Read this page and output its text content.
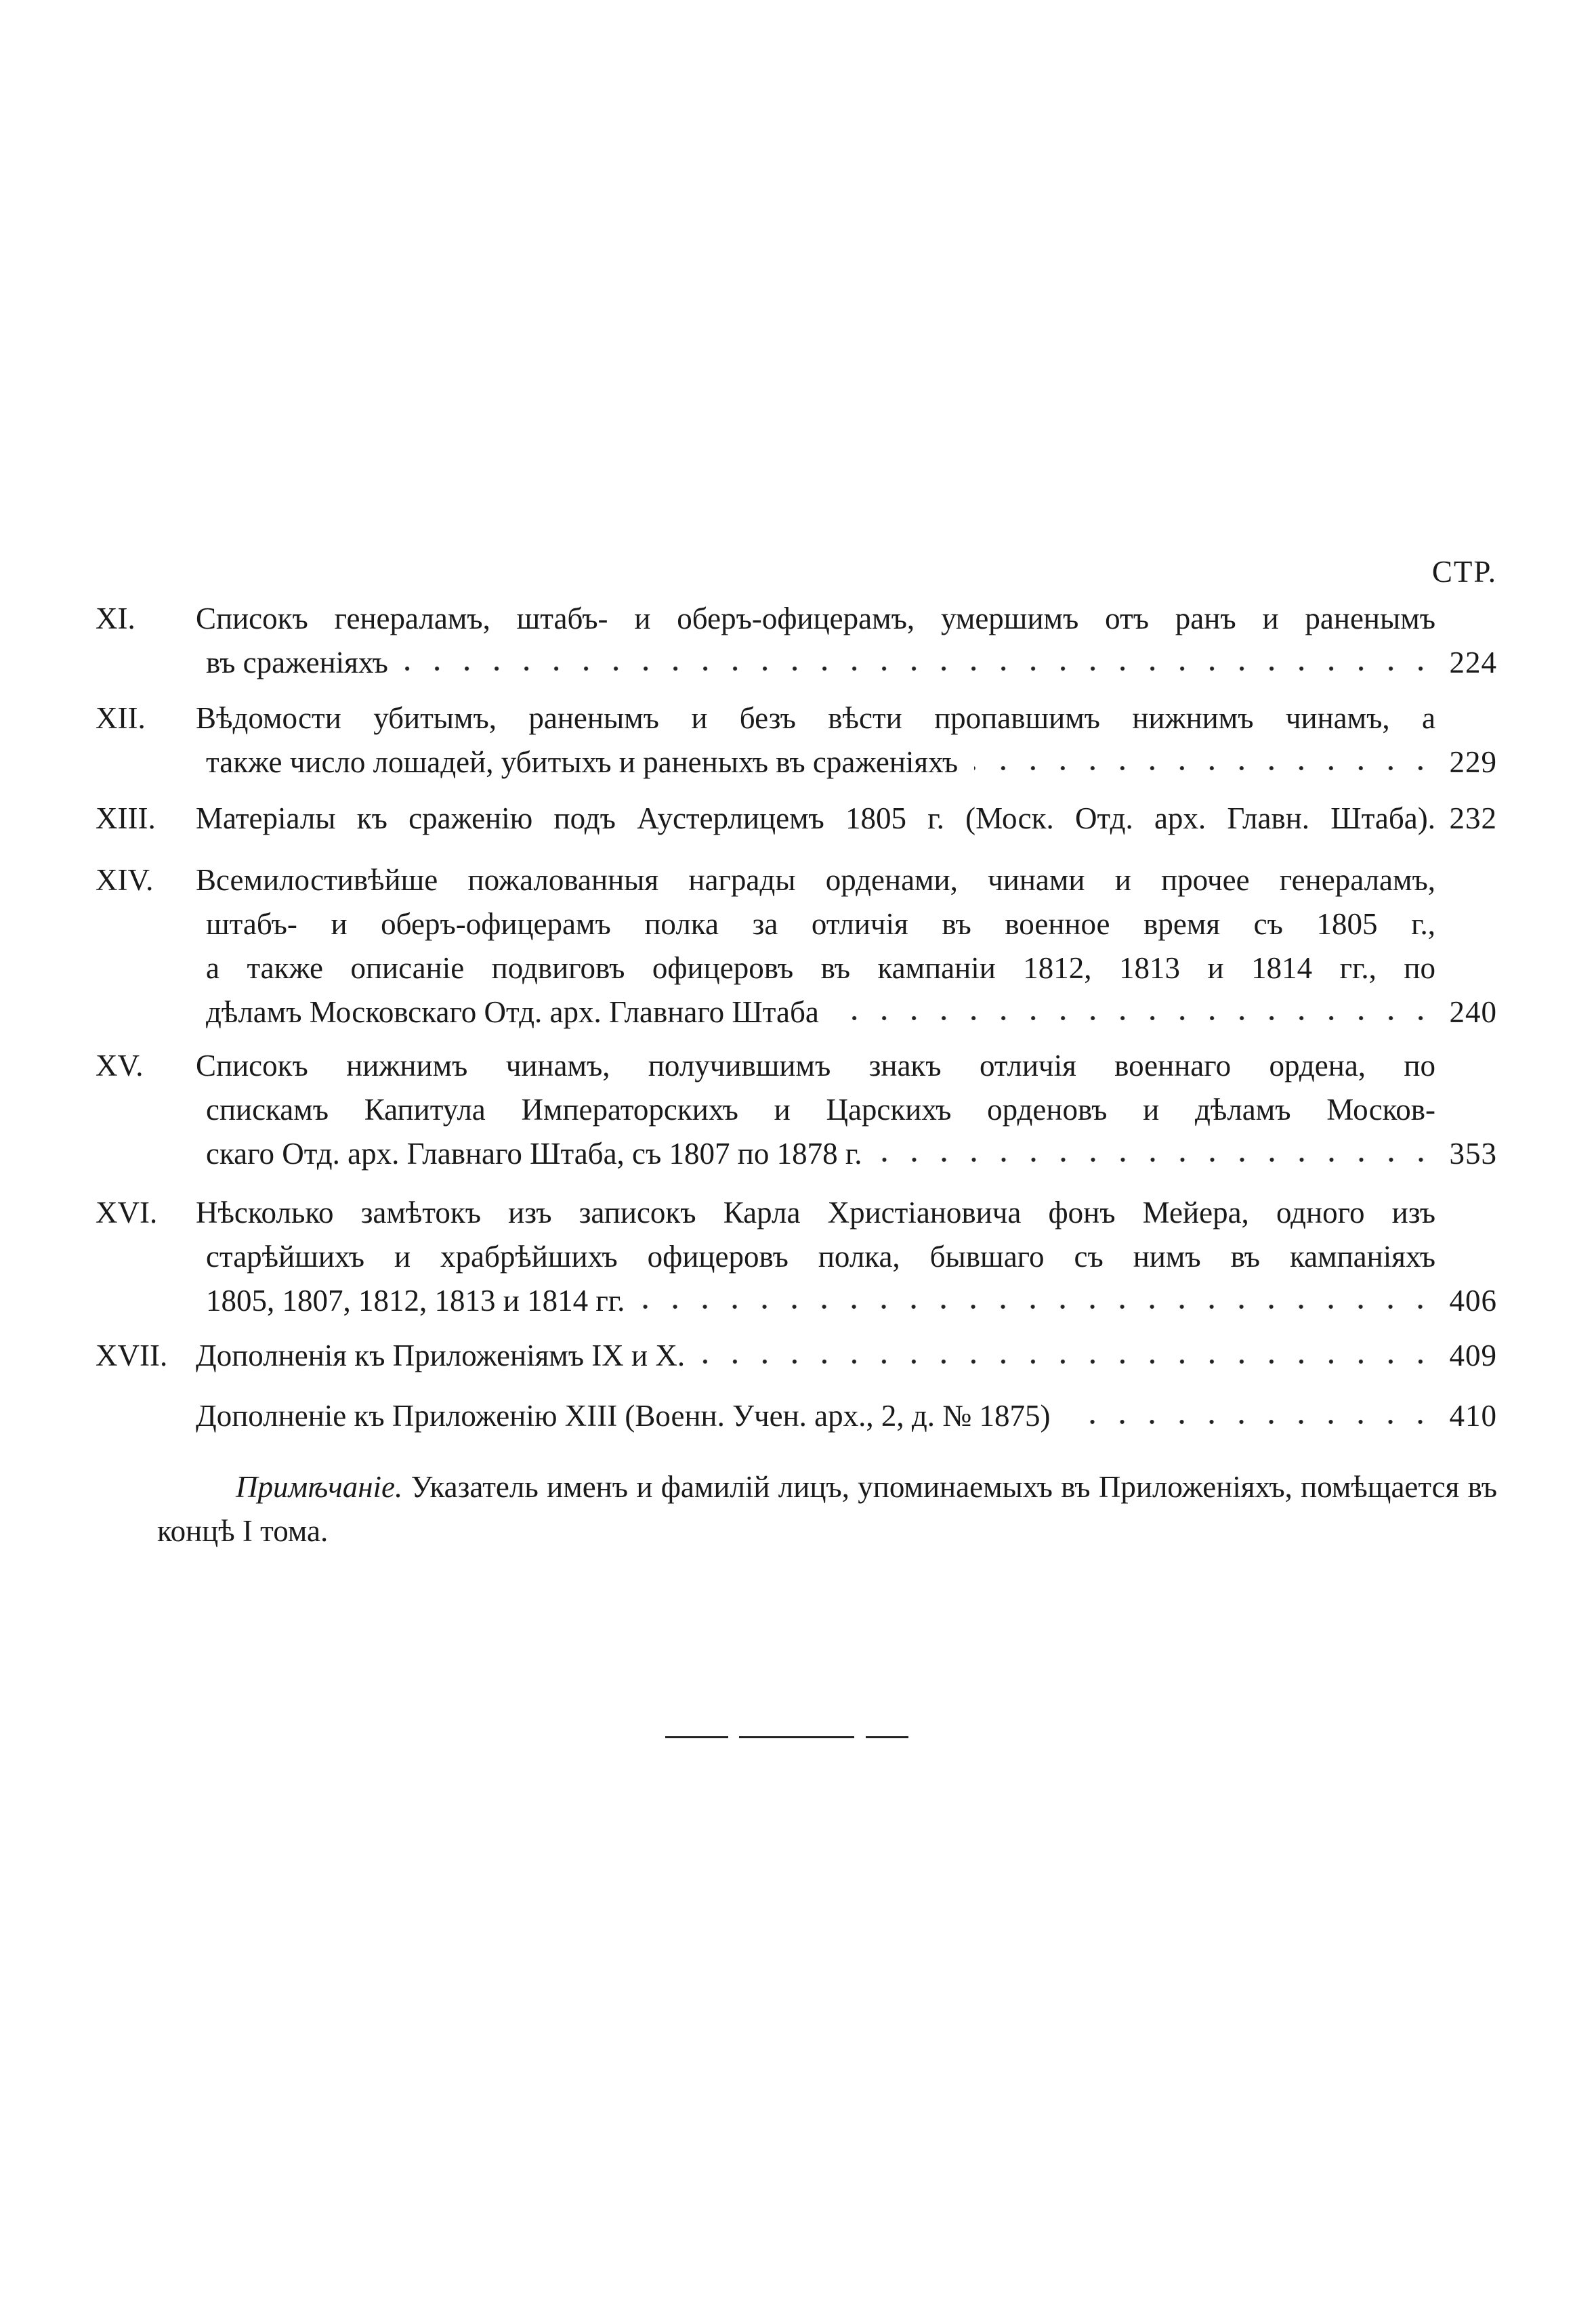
СТР.
XI. Списокъ генераламъ, штабъ- и оберъ-офицерамъ, умершимъ отъ ранъ и раненымъ
въ сраженіяхъ	224
XII. Вѣдомости убитымъ, раненымъ и безъ вѣсти пропавшимъ нижнимъ чинамъ, а
также число лошадей, убитыхъ и раненыхъ въ сраженіяхъ	229
XIII. Матеріалы къ сраженію подъ Аустерлицемъ 1805 г. (Моск. Отд. арх. Главн. Штаба). 232
XIV. Всемилостивѣйше пожалованныя награды орденами, чинами и прочее генераламъ,
штабъ- и оберъ-офицерамъ полка за отличія въ военное время съ 1805 г.,
а также описаніе подвиговъ офицеровъ въ кампаніи 1812, 1813 и 1814 гг., по
дѣламъ Московскаго Отд. арх. Главнаго Штаба	240
XV. Списокъ нижнимъ чинамъ, получившимъ знакъ отличія военнаго ордена, по
спискамъ Капитула Императорскихъ и Царскихъ орденовъ и дѣламъ Москов-
скаго Отд. арх. Главнаго Штаба, съ 1807 по 1878 г.	353
XVI. Нѣсколько замѣтокъ изъ записокъ Карла Христіановича фонъ Мейера, одного изъ
старѣйшихъ и храбрѣйшихъ офицеровъ полка, бывшаго съ нимъ въ кампаніяхъ
1805, 1807, 1812, 1813 и 1814 гг.	406
XVII. Дополненія къ Приложеніямъ IX и X.	409
Дополненіе къ Приложенію XIII (Военн. Учен. арх., 2, д. № 1875)	410
Примѣчаніе. Указатель именъ и фамилій лицъ, упоминаемыхъ въ Приложеніяхъ, помѣщается въ концѣ I тома.
